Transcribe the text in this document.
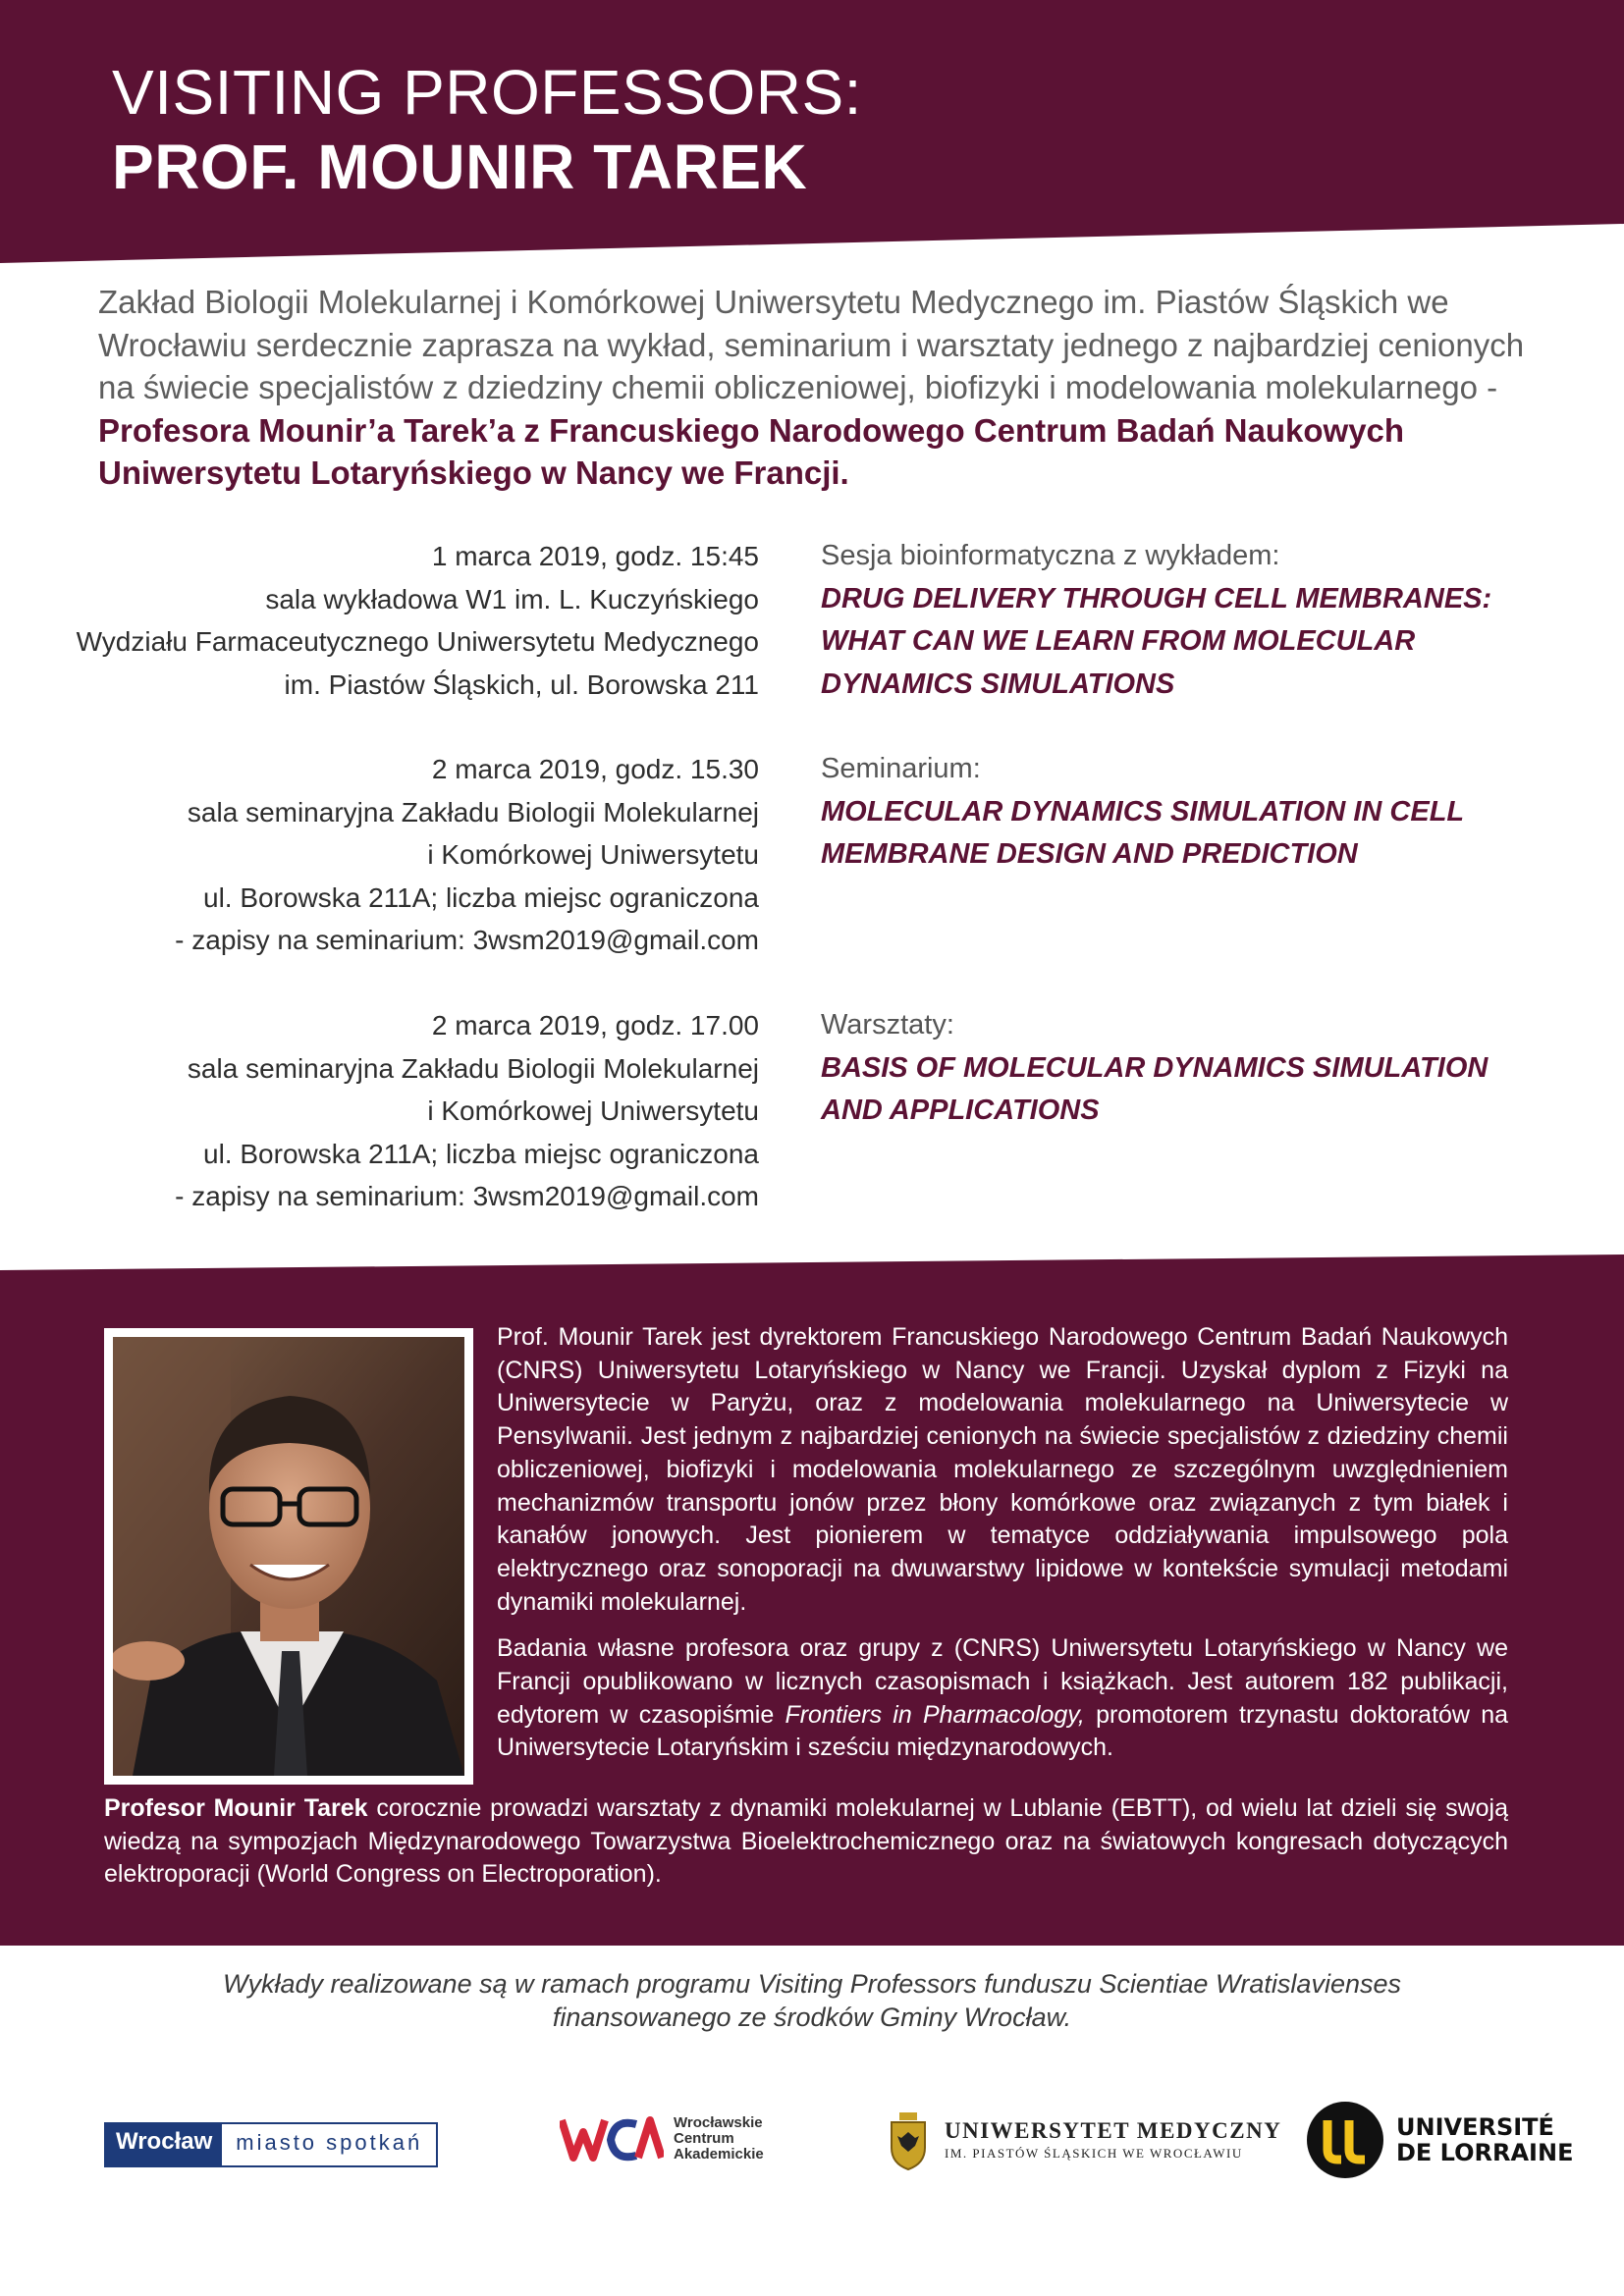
VISITING PROFESSORS:
PROF. MOUNIR TAREK
Zakład Biologii Molekularnej i Komórkowej Uniwersytetu Medycznego im. Piastów Śląskich we Wrocławiu serdecznie zaprasza na wykład, seminarium i warsztaty jednego z najbardziej cenionych na świecie specjalistów z dziedziny chemii obliczeniowej, biofizyki i modelowania molekularnego - Profesora Mounir’a Tarek’a z Francuskiego Narodowego Centrum Badań Naukowych Uniwersytetu Lotaryńskiego w Nancy we Francji.
1 marca 2019, godz. 15:45
sala wykładowa W1 im. L. Kuczyńskiego
Wydziału Farmaceutycznego Uniwersytetu Medycznego
im. Piastów Śląskich, ul. Borowska 211
Sesja bioinformatyczna z wykładem:
DRUG DELIVERY THROUGH CELL MEMBRANES:
WHAT CAN WE LEARN FROM MOLECULAR
DYNAMICS SIMULATIONS
2 marca 2019, godz. 15.30
sala seminaryjna Zakładu Biologii Molekularnej
i Komórkowej Uniwersytetu
ul. Borowska 211A; liczba miejsc ograniczona
- zapisy na seminarium: 3wsm2019@gmail.com
Seminarium:
MOLECULAR DYNAMICS SIMULATION IN CELL
MEMBRANE DESIGN AND PREDICTION
2 marca 2019, godz. 17.00
sala seminaryjna Zakładu Biologii Molekularnej
i Komórkowej Uniwersytetu
ul. Borowska 211A; liczba miejsc ograniczona
- zapisy na seminarium: 3wsm2019@gmail.com
Warsztaty:
BASIS OF MOLECULAR DYNAMICS SIMULATION
AND APPLICATIONS

Prof. Mounir Tarek jest dyrektorem Francuskiego Narodowego Centrum Badań Naukowych (CNRS) Uniwersytetu Lotaryńskiego w Nancy we Francji. Uzyskał dyplom z Fizyki na Uniwersytecie w Paryżu, oraz z modelowania molekularnego na Uniwersytecie w Pensylwanii. Jest jednym z najbardziej cenionych na świecie specjalistów z dziedziny chemii obliczeniowej, biofizyki i modelowania molekularnego ze szczególnym uwzględnieniem mechanizmów transportu jonów przez błony komórkowe oraz związanych z tym białek i kanałów jonowych. Jest pionierem w tematyce oddziaływania impulsowego pola elektrycznego oraz sonoporacji na dwuwarstwy lipidowe w kontekście symulacji metodami dynamiki molekularnej.

Badania własne profesora oraz grupy z (CNRS) Uniwersytetu Lotaryńskiego w Nancy we Francji opublikowano w licznych czasopismach i książkach. Jest autorem 182 publikacji, edytorem w czasopiśmie Frontiers in Pharmacology, promotorem trzynastu doktoratów na Uniwersytecie Lotaryńskim i sześciu międzynarodowych.

Profesor Mounir Tarek corocznie prowadzi warsztaty z dynamiki molekularnej w Lublanie (EBTT), od wielu lat dzieli się swoją wiedzą na sympozjach Międzynarodowego Towarzystwa Bioelektrochemicznego oraz na światowych kongresach dotyczących elektroporacji (World Congress on Electroporation).
Wykłady realizowane są w ramach programu Visiting Professors funduszu Scientiae Wratislavienses
finansowanego ze środków Gminy Wrocław.
Wrocław	miasto spotkań
Wrocławskie
Centrum
Akademickie
UNIWERSYTET MEDYCZNY
IM. PIASTÓW ŚLĄSKICH WE WROCŁAWIU
UNIVERSITÉ
DE LORRAINE
